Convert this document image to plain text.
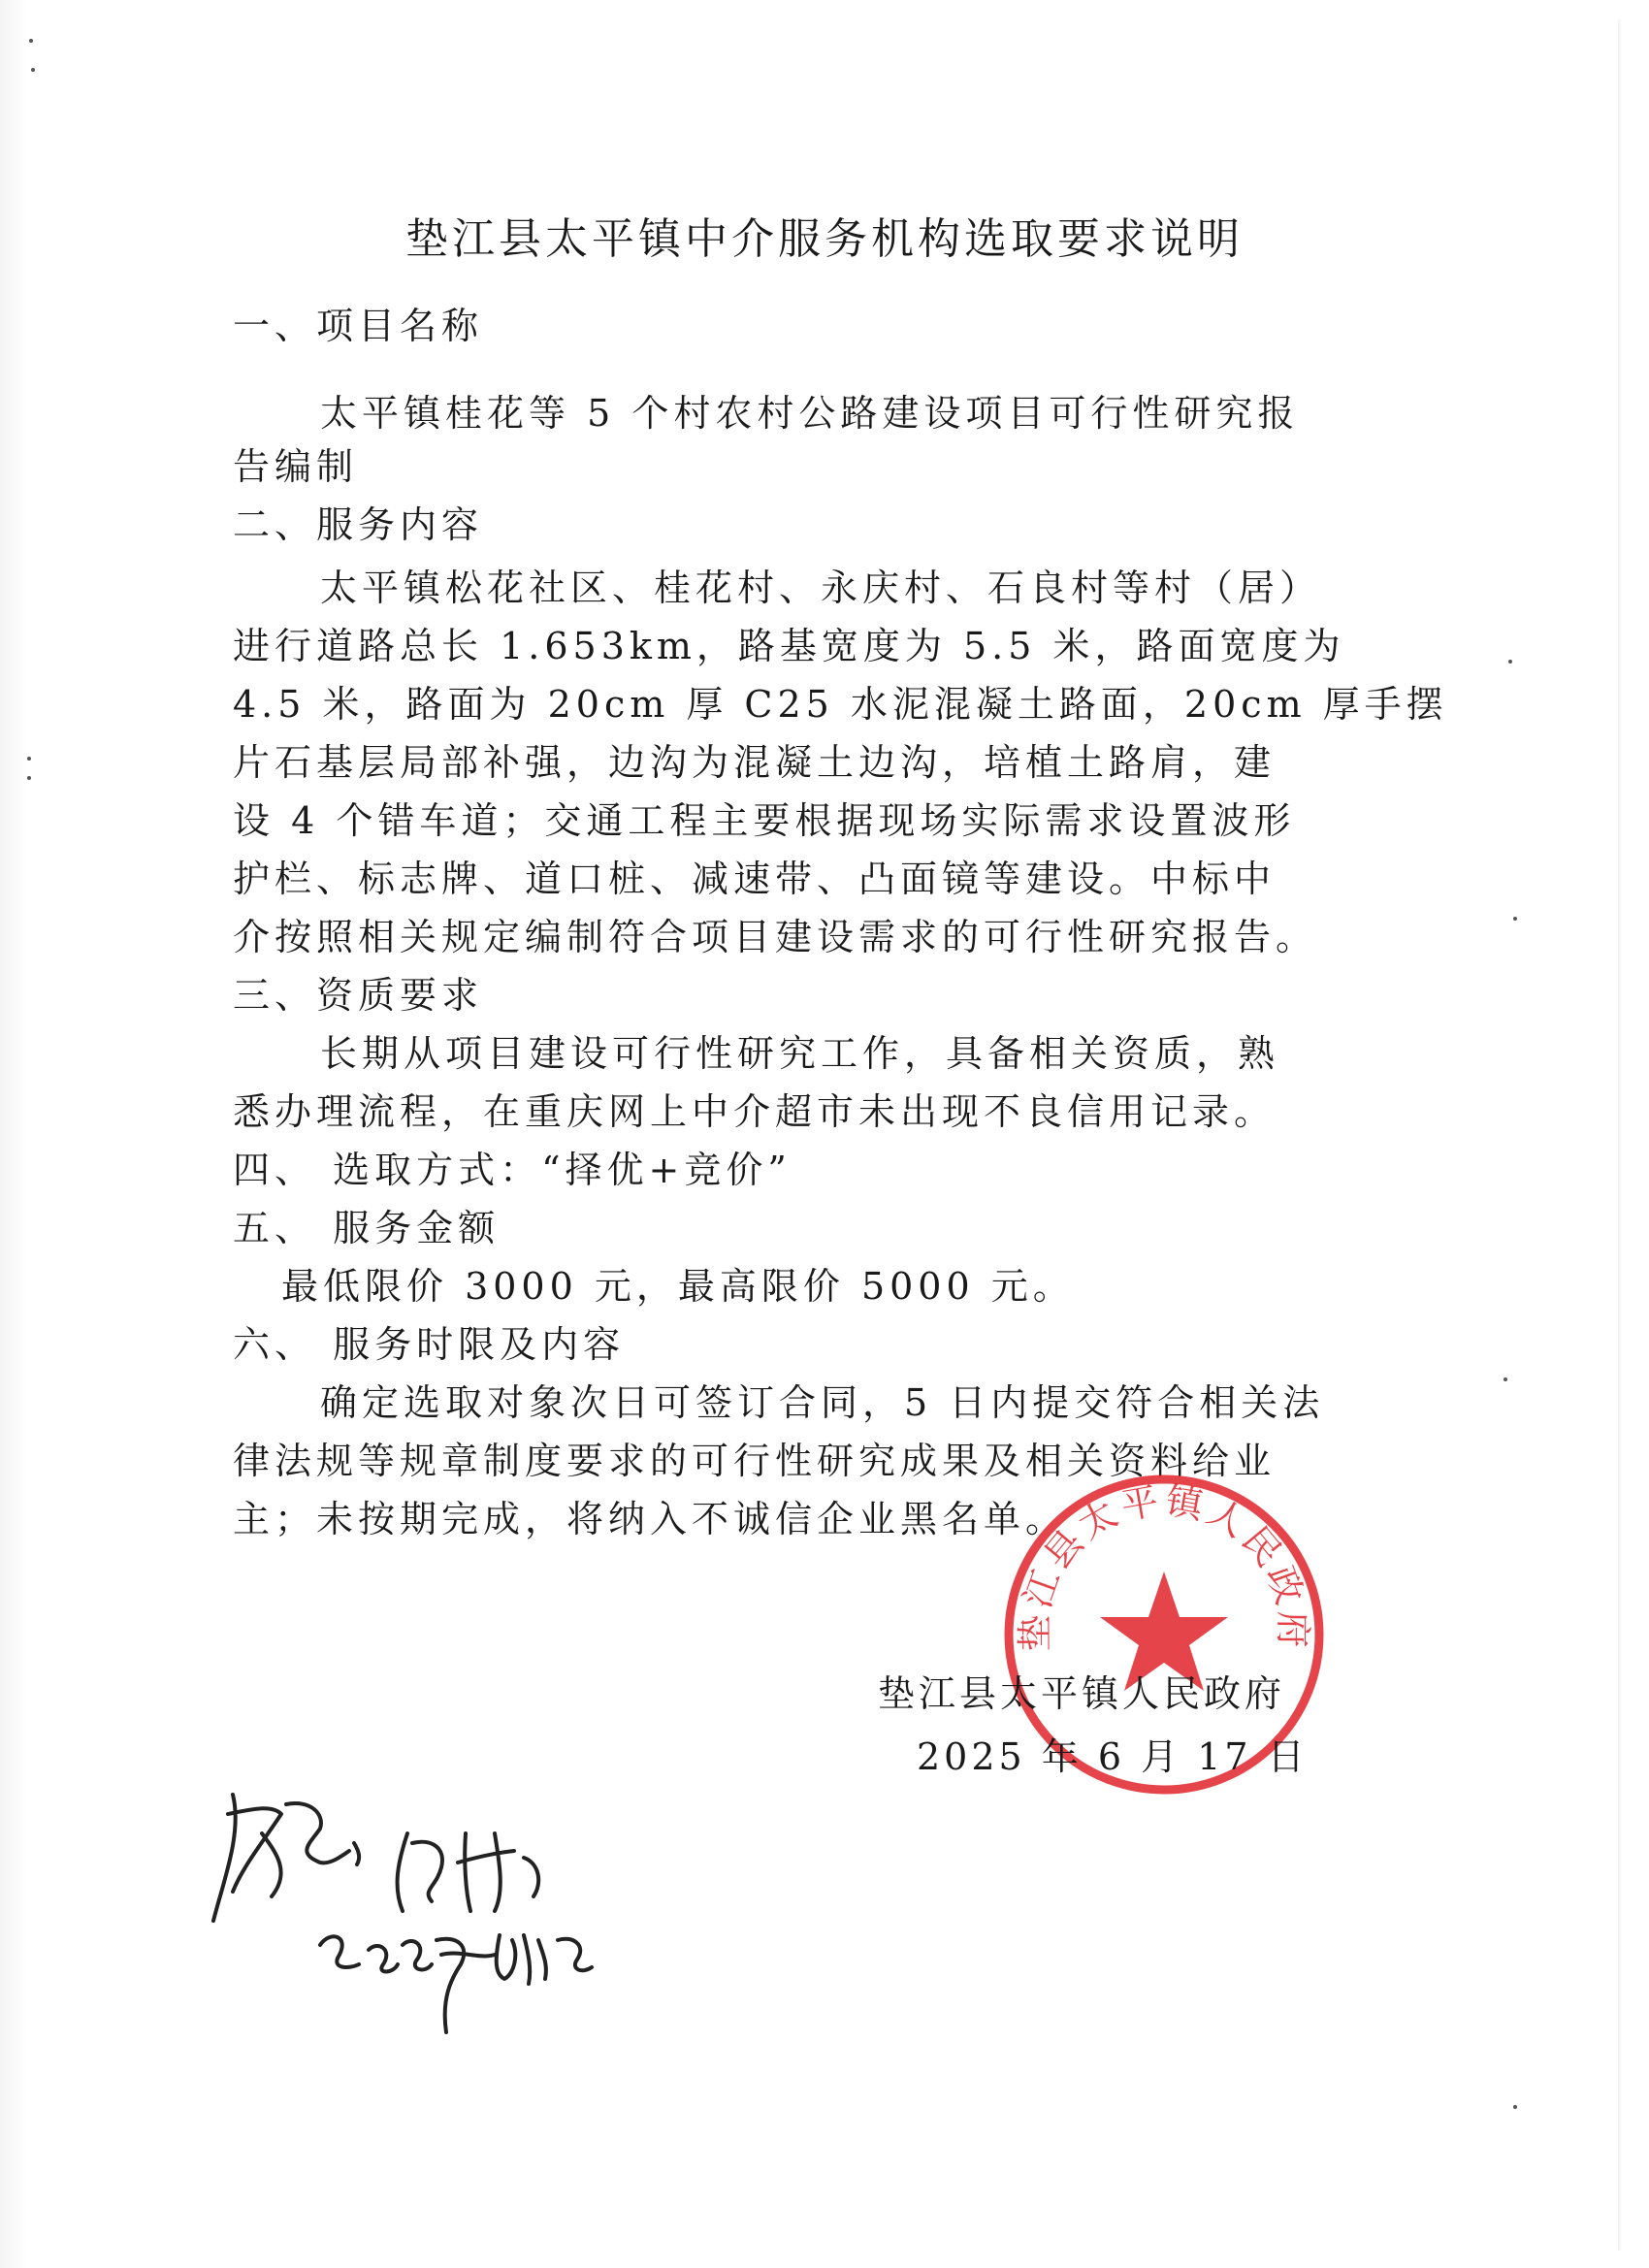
垫江县太平镇中介服务机构选取要求说明
一、项目名称
太平镇桂花等 5 个村农村公路建设项目可行性研究报
告编制
二、服务内容
太平镇松花社区、桂花村、永庆村、石良村等村（居）
进行道路总长 1.653km，路基宽度为 5.5 米，路面宽度为
4.5 米，路面为 20cm 厚 C25 水泥混凝土路面，20cm 厚手摆
片石基层局部补强，边沟为混凝土边沟，培植土路肩，建
设 4 个错车道；交通工程主要根据现场实际需求设置波形
护栏、标志牌、道口桩、减速带、凸面镜等建设。中标中
介按照相关规定编制符合项目建设需求的可行性研究报告。
三、资质要求
长期从项目建设可行性研究工作，具备相关资质，熟
悉办理流程，在重庆网上中介超市未出现不良信用记录。
四、 选取方式：“择优+竞价”
五、 服务金额
最低限价 3000 元，最高限价 5000 元。
六、 服务时限及内容
确定选取对象次日可签订合同，5 日内提交符合相关法
律法规等规章制度要求的可行性研究成果及相关资料给业
主；未按期完成，将纳入不诚信企业黑名单。
垫江县太平镇人民政府
垫江县太平镇人民政府
2025 年 6 月 17 日
